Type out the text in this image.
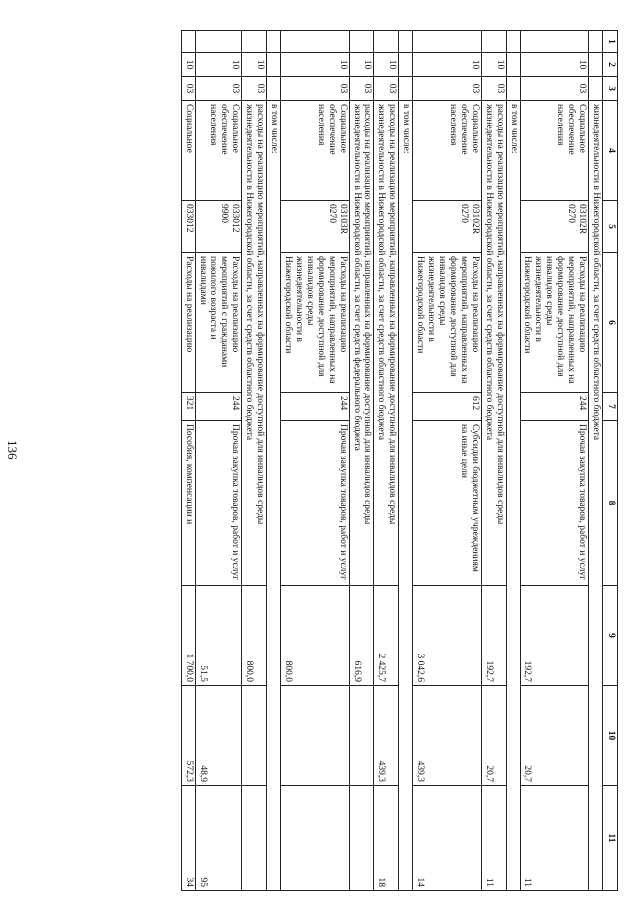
136
1	2	3	4	5	6	7	8	9	10	11
			жизнедеятельности в Нижегородской области, за счет средств областного бюджета							
	10	03	Социальное обеспечение населения	03102R 0270	Расходы на реализацию мероприятий, направленных на формирование доступной для инвалидов среды жизнедеятельности в Нижегородской области	244	Прочая закупка товаров, работ и услуг	192,7	20,7	11
			в том числе:							
	10	03	расходы на реализацию мероприятий, направленных на формирование доступной для инвалидов среды жизнедеятельности в Нижегородской области, за счет средств областного бюджета					192,7	20,7	11
	10	03	Социальное обеспечение населения	03102R 0270	Расходы на реализацию мероприятий, направленных на формирование доступной для инвалидов среды жизнедеятельности в Нижегородской области	612	Субсидии бюджетным учреждениям на иные цели	3 042,6	439,3	14
			в том числе:							
	10	03	расходы на реализацию мероприятий, направленных на формирование доступной для инвалидов среды жизнедеятельности в Нижегородской области, за счет средств областного бюджета					2 425,7	439,3	18
	10	03	расходы на реализацию мероприятий, направленных на формирование доступной для инвалидов среды жизнедеятельности в Нижегородской области, за счет средств федерального бюджета					616,9		
	10	03	Социальное обеспечение населения	03103R 0270	Расходы на реализацию мероприятий, направленных на формирование доступной для инвалидов среды жизнедеятельности в Нижегородской области	244	Прочая закупка товаров, работ и услуг	800,0		
			в том числе:							
	10	03	расходы на реализацию мероприятий, направленных на формирование доступной для инвалидов среды жизнедеятельности в Нижегородской области, за счет средств областного бюджета					800,0		
	10	03	Социальное обеспечение населения	033012 9900	Расходы на реализацию мероприятий с гражданами пожилого возраста и инвалидами	244	Прочая закупка товаров, работ и услуг	51,5	48,9	95
	10	03	Социальное	033012	Расходы на реализацию	321	Пособия, компенсации и	1 700,0	572,3	34
